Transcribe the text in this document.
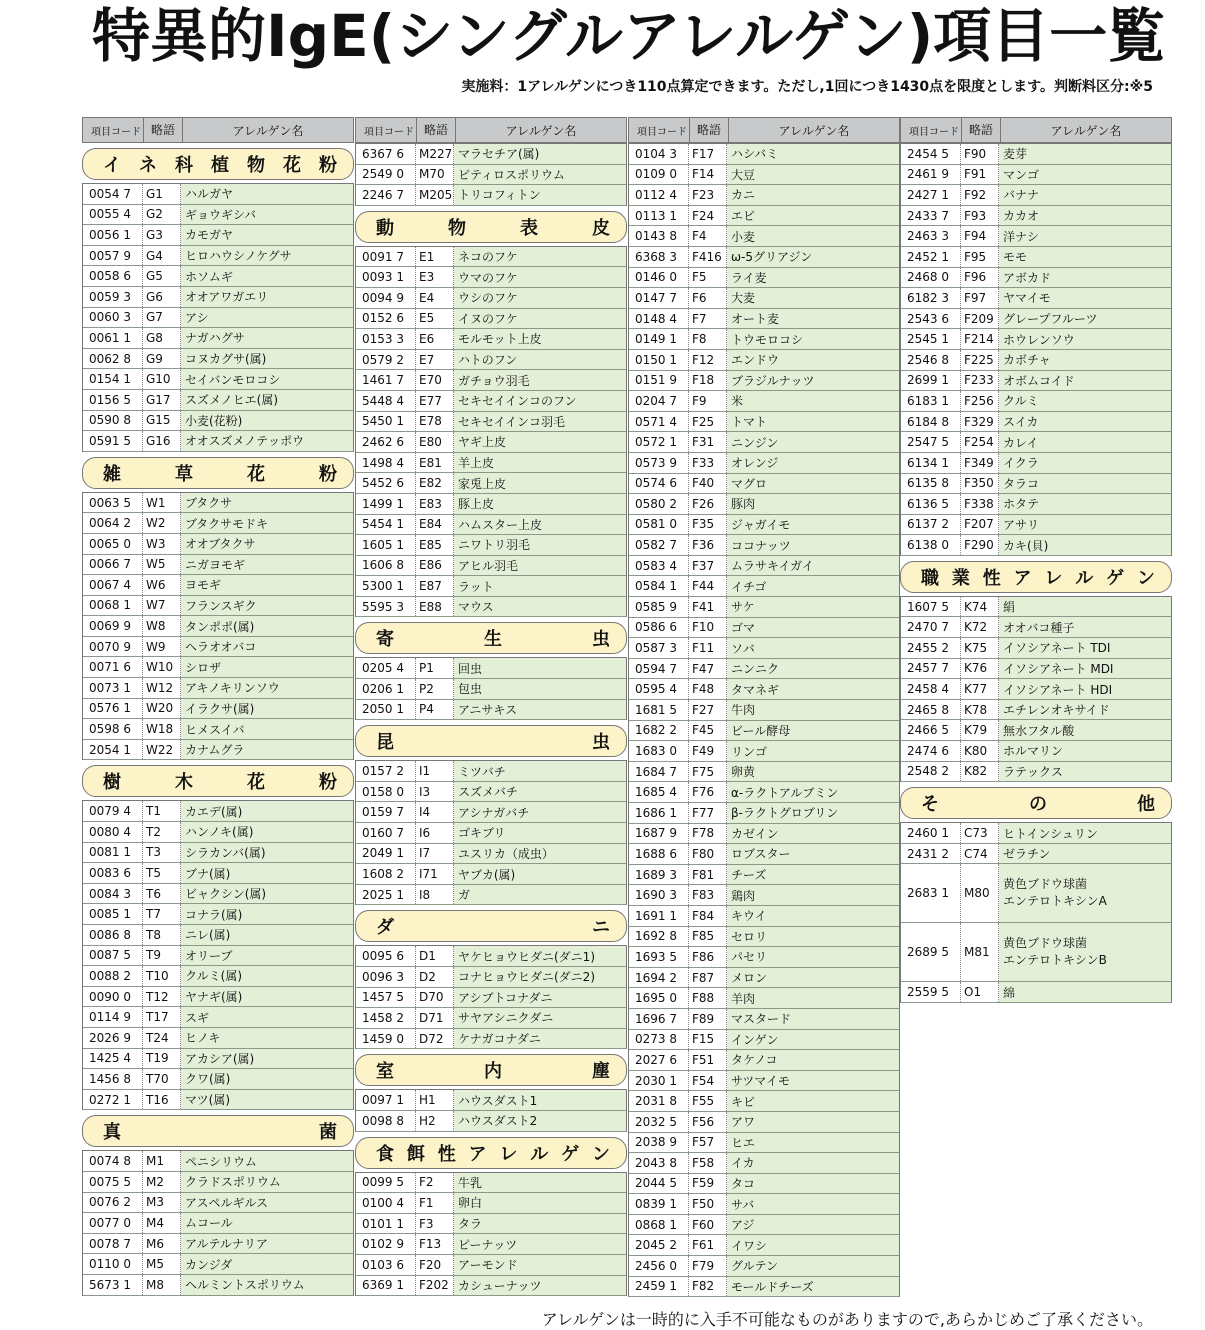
特異的IgE(シングルアレルゲン)項目一覧
実施料：1アレルゲンにつき110点算定できます。ただし,1回につき1430点を限度とします。判断料区分:※5
項目コード 略語	アレルゲン名
イ ネ 科 植 物 花 粉
0054 7	G1	ハルガヤ
0055 4	G2	ギョウギシバ
0056 1	G3	カモガヤ
0057 9	G4	ヒロハウシノケグサ
0058 6	G5	ホソムギ
0059 3	G6	オオアワガエリ
0060 3	G7	アシ
0061 1	G8	ナガハグサ
0062 8	G9	コヌカグサ(属)
0154 1	G10	セイバンモロコシ
0156 5	G17	スズメノヒエ(属)
0590 8	G15	小麦(花粉)
0591 5	G16	オオスズメノテッポウ
雑	草	花	粉
0063 5	W1	ブタクサ
0064 2	W2	ブタクサモドキ
0065 0	W3	オオブタクサ
0066 7	W5	ニガヨモギ
0067 4	W6	ヨモギ
0068 1	W7	フランスギク
0069 9	W8	タンポポ(属)
0070 9	W9	ヘラオオバコ
0071 6	W10 シロザ
0073 1	W12 アキノキリンソウ
0576 1	W20 イラクサ(属)
0598 6	W18 ヒメスイバ
2054 1	W22 カナムグラ
樹	木	花	粉
0079 4	T1	カエデ(属)
0080 4	T2	ハンノキ(属)
0081 1	T3	シラカンバ(属)
0083 6	T5	ブナ(属)
0084 3	T6	ビャクシン(属)
0085 1	T7	コナラ(属)
0086 8	T8	ニレ(属)
0087 5	T9	オリーブ
0088 2	T10	クルミ(属)
0090 0	T12	ヤナギ(属)
0114 9	T17	スギ
2026 9	T24	ヒノキ
1425 4	T19	アカシア(属)
1456 8	T70	クワ(属)
0272 1	T16	マツ(属)
真	菌
0074 8	M1	ペニシリウム
0075 5	M2	クラドスポリウム
0076 2	M3	アスペルギルス
0077 0	M4	ムコール
0078 7	M6	アルテルナリア
0110 0	M5	カンジダ
5673 1	M8	ヘルミントスポリウム
項目コード 略語	アレルゲン名
6367 6	M227 マラセチア(属)
2549 0	M70	ピティロスポリウム
2246 7	M205 トリコフィトン
動	物	表	皮
0091 7	E1	ネコのフケ
0093 1	E3	ウマのフケ
0094 9	E4	ウシのフケ
0152 6	E5	イヌのフケ
0153 3	E6	モルモット上皮
0579 2	E7	ハトのフン
1461 7	E70	ガチョウ羽毛
5448 4	E77	セキセイインコのフン
5450 1	E78	セキセイインコ羽毛
2462 6	E80	ヤギ上皮
1498 4	E81	羊上皮
5452 6	E82	家兎上皮
1499 1	E83	豚上皮
5454 1	E84	ハムスター上皮
1605 1	E85	ニワトリ羽毛
1606 8	E86	アヒル羽毛
5300 1	E87	ラット
5595 3	E88	マウス
寄	生	虫
0205 4	P1	回虫
0206 1	P2	包虫
2050 1	P4	アニサキス
昆	虫
0157 2	I1	ミツバチ
0158 0	I3	スズメバチ
0159 7	I4	アシナガバチ
0160 7	I6	ゴキブリ
2049 1	I7	ユスリカ（成虫）
1608 2	I71	ヤブカ(属)
2025 1	I8	ガ
ダ	ニ
0095 6	D1	ヤケヒョウヒダニ(ダニ1)
0096 3	D2	コナヒョウヒダニ(ダニ2)
1457 5	D70	アシブトコナダニ
1458 2	D71	サヤアシニクダニ
1459 0	D72	ケナガコナダニ
室	内	塵
0097 1	H1	ハウスダスト1
0098 8	H2	ハウスダスト2
食 餌 性 ア レ ル ゲ ン
0099 5	F2	牛乳
0100 4	F1	卵白
0101 1	F3	タラ
0102 9	F13	ピーナッツ
0103 6	F20	アーモンド
6369 1	F202 カシューナッツ
項目コード 略語	アレルゲン名
0104 3	F17	ハシバミ
0109 0	F14	大豆
0112 4	F23	カニ
0113 1	F24	エビ
0143 8	F4	小麦
6368 3	F416 ω-5グリアジン
0146 0	F5	ライ麦
0147 7	F6	大麦
0148 4	F7	オート麦
0149 1	F8	トウモロコシ
0150 1	F12	エンドウ
0151 9	F18	ブラジルナッツ
0204 7	F9	米
0571 4	F25	トマト
0572 1	F31	ニンジン
0573 9	F33	オレンジ
0574 6	F40	マグロ
0580 2	F26	豚肉
0581 0	F35	ジャガイモ
0582 7	F36	ココナッツ
0583 4	F37	ムラサキイガイ
0584 1	F44	イチゴ
0585 9	F41	サケ
0586 6	F10	ゴマ
0587 3	F11	ソバ
0594 7	F47	ニンニク
0595 4	F48	タマネギ
1681 5	F27	牛肉
1682 2	F45	ビール酵母
1683 0	F49	リンゴ
1684 7	F75	卵黄
1685 4	F76	α-ラクトアルブミン
1686 1	F77	β-ラクトグロブリン
1687 9	F78	カゼイン
1688 6	F80	ロブスター
1689 3	F81	チーズ
1690 3	F83	鶏肉
1691 1	F84	キウイ
1692 8	F85	セロリ
1693 5	F86	パセリ
1694 2	F87	メロン
1695 0	F88	羊肉
1696 7	F89	マスタード
0273 8	F15	インゲン
2027 6	F51	タケノコ
2030 1	F54	サツマイモ
2031 8	F55	キビ
2032 5	F56	アワ
2038 9	F57	ヒエ
2043 8	F58	イカ
2044 5	F59	タコ
0839 1	F50	サバ
0868 1	F60	アジ
2045 2	F61	イワシ
2456 0	F79	グルテン
2459 1	F82	モールドチーズ
項目コード 略語	アレルゲン名
2454 5	F90	麦芽
2461 9	F91	マンゴ
2427 1	F92	バナナ
2433 7	F93	カカオ
2463 3	F94	洋ナシ
2452 1	F95	モモ
2468 0	F96	アボカド
6182 3	F97	ヤマイモ
2543 6	F209 グレープフルーツ
2545 1	F214 ホウレンソウ
2546 8	F225 カボチャ
2699 1	F233 オボムコイド
6183 1	F256 クルミ
6184 8	F329 スイカ
2547 5	F254 カレイ
6134 1	F349 イクラ
6135 8	F350 タラコ
6136 5	F338 ホタテ
6137 2	F207 アサリ
6138 0	F290 カキ(貝)
職 業 性 ア レ ル ゲ ン
1607 5	K74	絹
2470 7	K72	オオバコ種子
2455 2	K75	イソシアネート TDI
2457 7	K76	イソシアネート MDI
2458 4	K77	イソシアネート HDI
2465 8	K78	エチレンオキサイド
2466 5	K79	無水フタル酸
2474 6	K80	ホルマリン
2548 2	K82	ラテックス
そ	の	他
2460 1	C73	ヒトインシュリン
2431 2	C74	ゼラチン
2683 1	M80
黄色ブドウ球菌
エンテロトキシンA
2689 5	M81
黄色ブドウ球菌
エンテロトキシンB
2559 5	O1	綿
アレルゲンは一時的に入手不可能なものがありますので,あらかじめご了承ください。
